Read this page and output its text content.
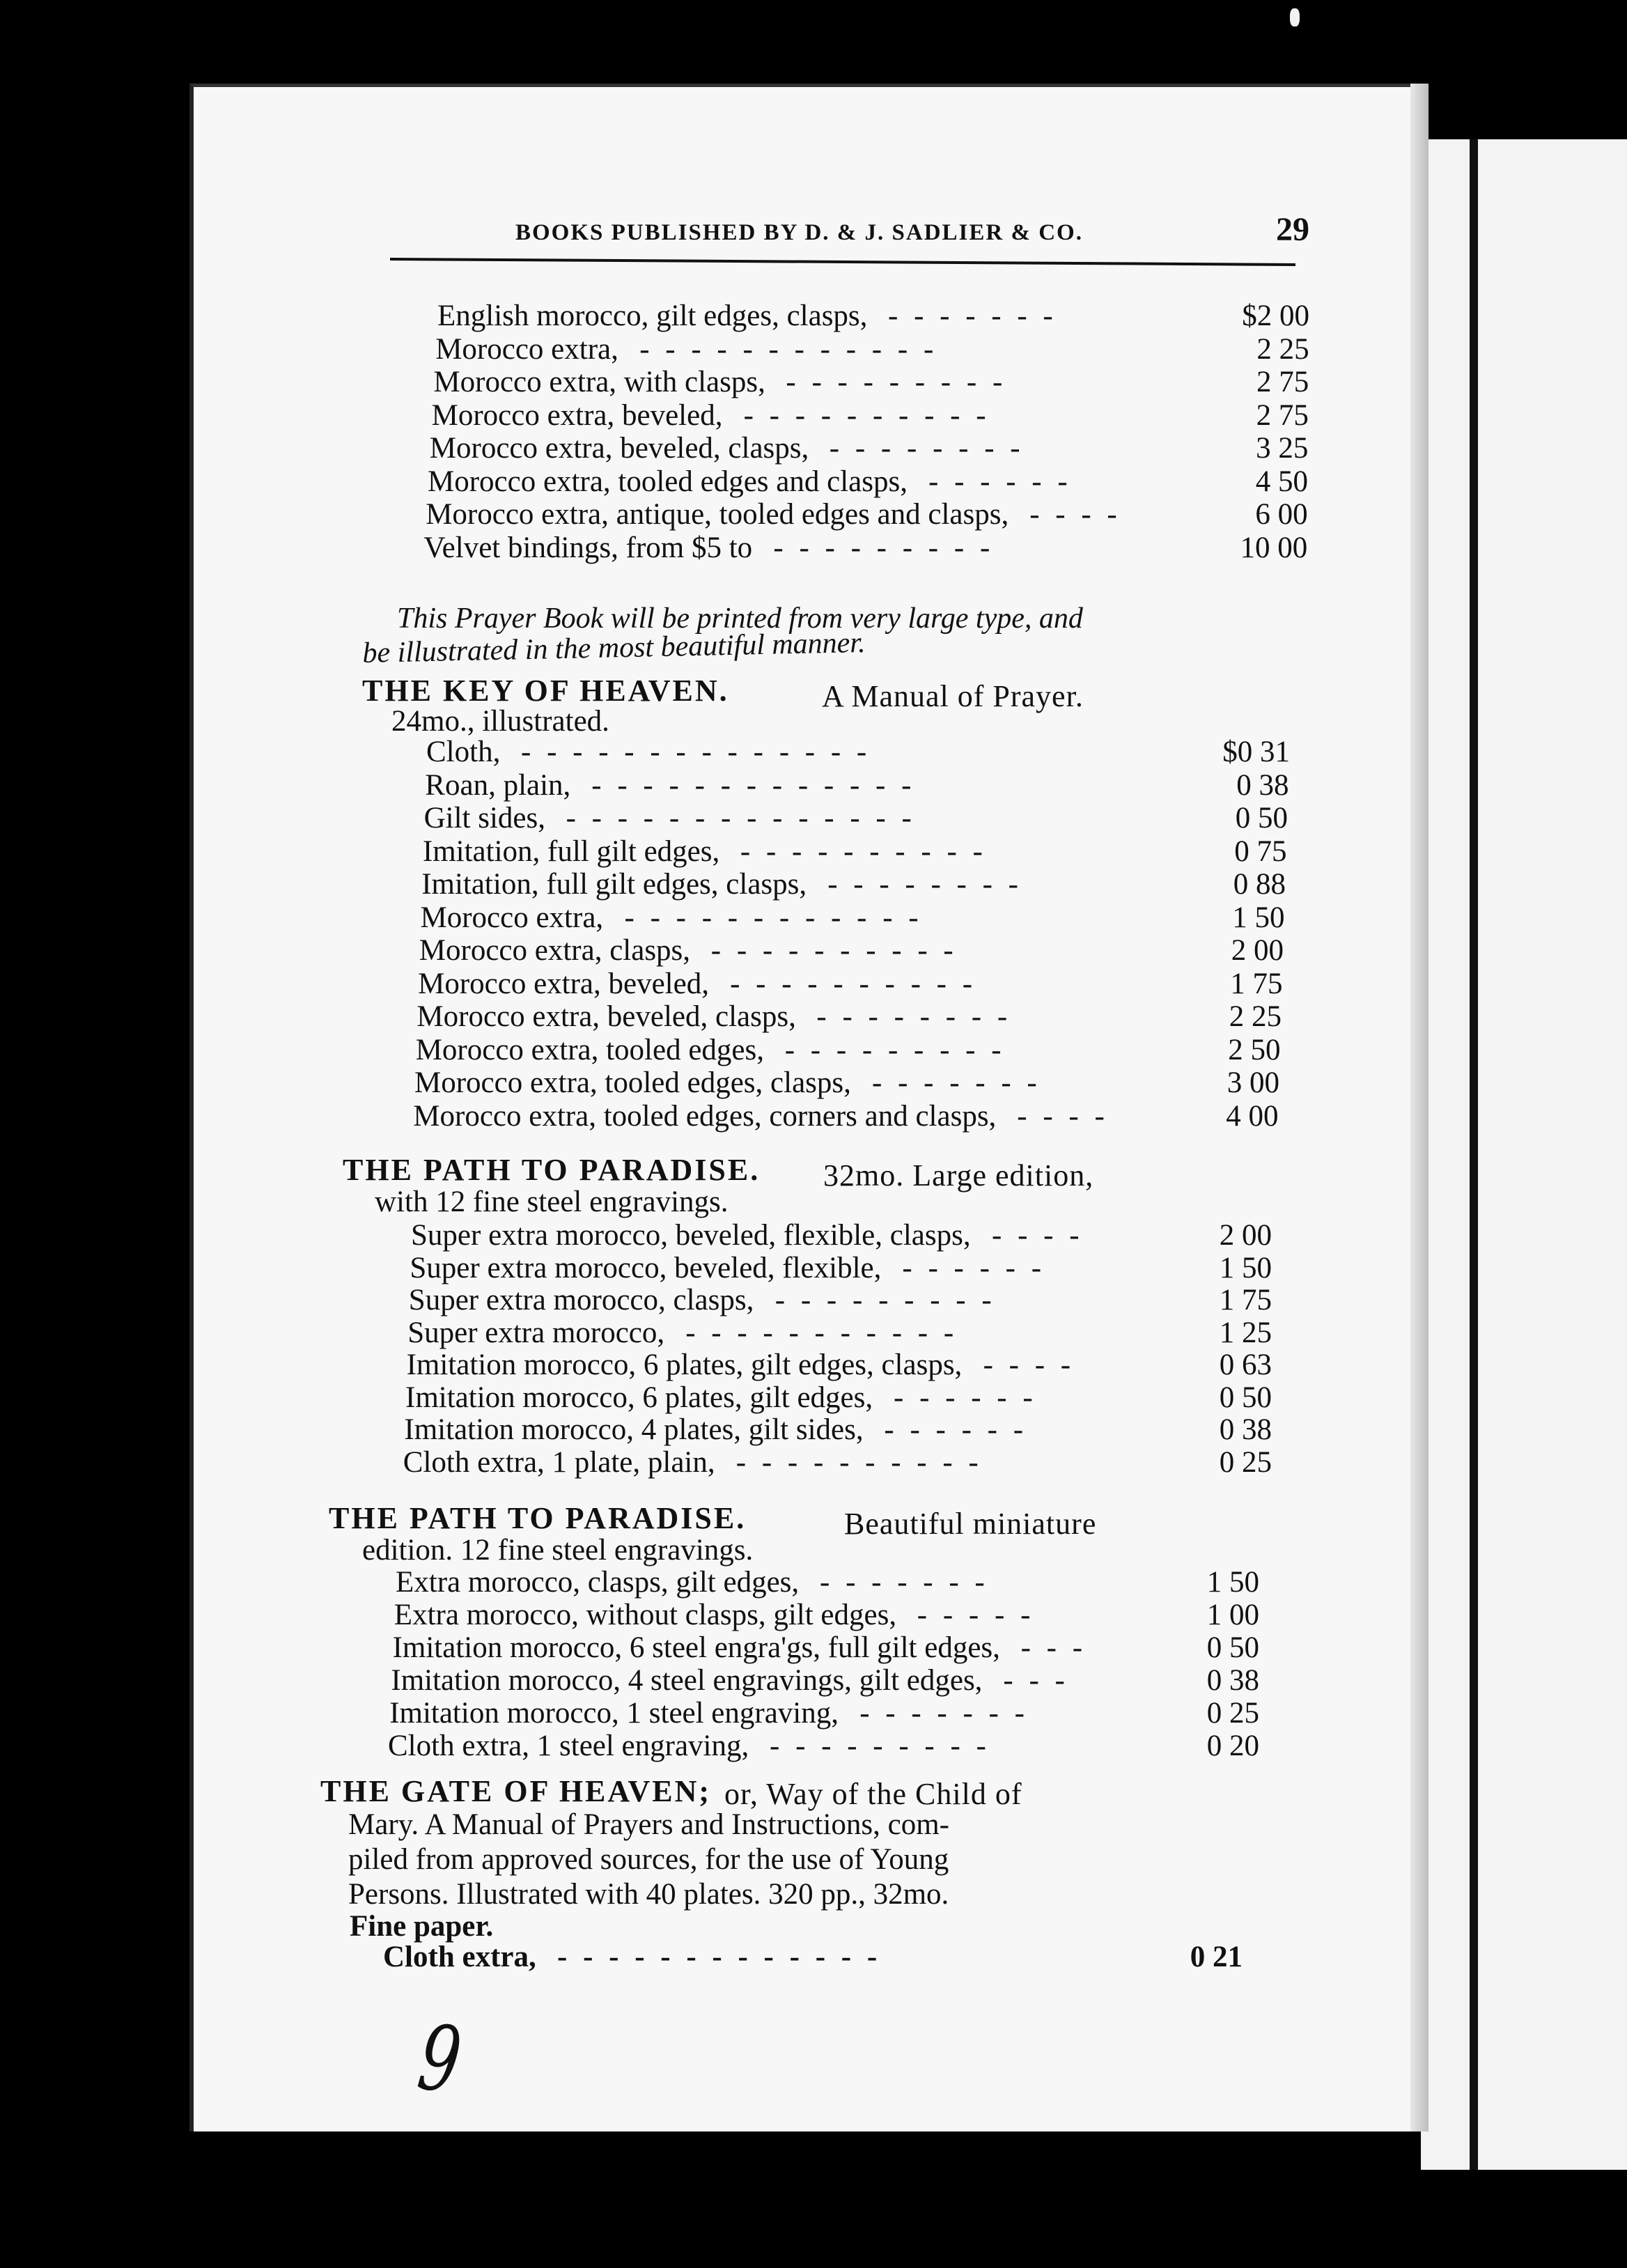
BOOKS PUBLISHED BY D. & J. SADLIER & CO.	29
This Prayer Book will be printed from very large type, and
be illustrated in the most beautiful manner.
THE KEY OF HEAVEN.	A Manual of Prayer.
24mo., illustrated.
THE PATH TO PARADISE. 32mo. Large edition,
with 12 fine steel engravings.
THE PATH TO PARADISE.	Beautiful miniature
edition. 12 fine steel engravings.
THE GATE OF HEAVEN; or, Way of the Child of
Mary. A Manual of Prayers and Instructions, com-
piled from approved sources, for the use of Young
Persons. Illustrated with 40 plates. 320 pp., 32mo.
Fine paper.
English morocco, gilt edges, clasps,	$2 00
- - - - - - -
Morocco extra,	2 25
- - - - - - - - - - - -
Morocco extra, with clasps,	2 75
- - - - - - - - -
Morocco extra, beveled,	2 75
- - - - - - - - - -
Morocco extra, beveled, clasps,	3 25
- - - - - - - -
Morocco extra, tooled edges and clasps,	4 50
- - - - - -
Morocco extra, antique, tooled edges and clasps,	6 00
- - - -
Velvet bindings, from $5 to	10 00
- - - - - - - - -
Cloth,	$0 31
- - - - - - - - - - - - - -
Roan, plain,	0 38
- - - - - - - - - - - - -
Gilt sides,	0 50
- - - - - - - - - - - - - -
Imitation, full gilt edges,	0 75
- - - - - - - - - -
Imitation, full gilt edges, clasps,	0 88
- - - - - - - -
Morocco extra,	1 50
- - - - - - - - - - - -
Morocco extra, clasps,	2 00
- - - - - - - - - -
Morocco extra, beveled,	1 75
- - - - - - - - - -
Morocco extra, beveled, clasps,	2 25
- - - - - - - -
Morocco extra, tooled edges,	2 50
- - - - - - - - -
Morocco extra, tooled edges, clasps,	3 00
- - - - - - -
Morocco extra, tooled edges, corners and clasps,	4 00
- - - -
Super extra morocco, beveled, flexible, clasps,	2 00
- - - -
Super extra morocco, beveled, flexible,	1 50
- - - - - -
Super extra morocco, clasps,	1 75
- - - - - - - - -
Super extra morocco,	1 25
- - - - - - - - - - -
Imitation morocco, 6 plates, gilt edges, clasps,	0 63
- - - -
Imitation morocco, 6 plates, gilt edges,	0 50
- - - - - -
Imitation morocco, 4 plates, gilt sides,	0 38
- - - - - -
Cloth extra, 1 plate, plain,	0 25
- - - - - - - - - -
Extra morocco, clasps, gilt edges,	1 50
- - - - - - -
Extra morocco, without clasps, gilt edges,	1 00
- - - - -
Imitation morocco, 6 steel engra'gs, full gilt edges,	0 50
- - -
Imitation morocco, 4 steel engravings, gilt edges,	0 38
- - -
Imitation morocco, 1 steel engraving,	0 25
- - - - - - -
Cloth extra, 1 steel engraving,	0 20
- - - - - - - - -
Cloth extra,	0 21
- - - - - - - - - - - - -
9
